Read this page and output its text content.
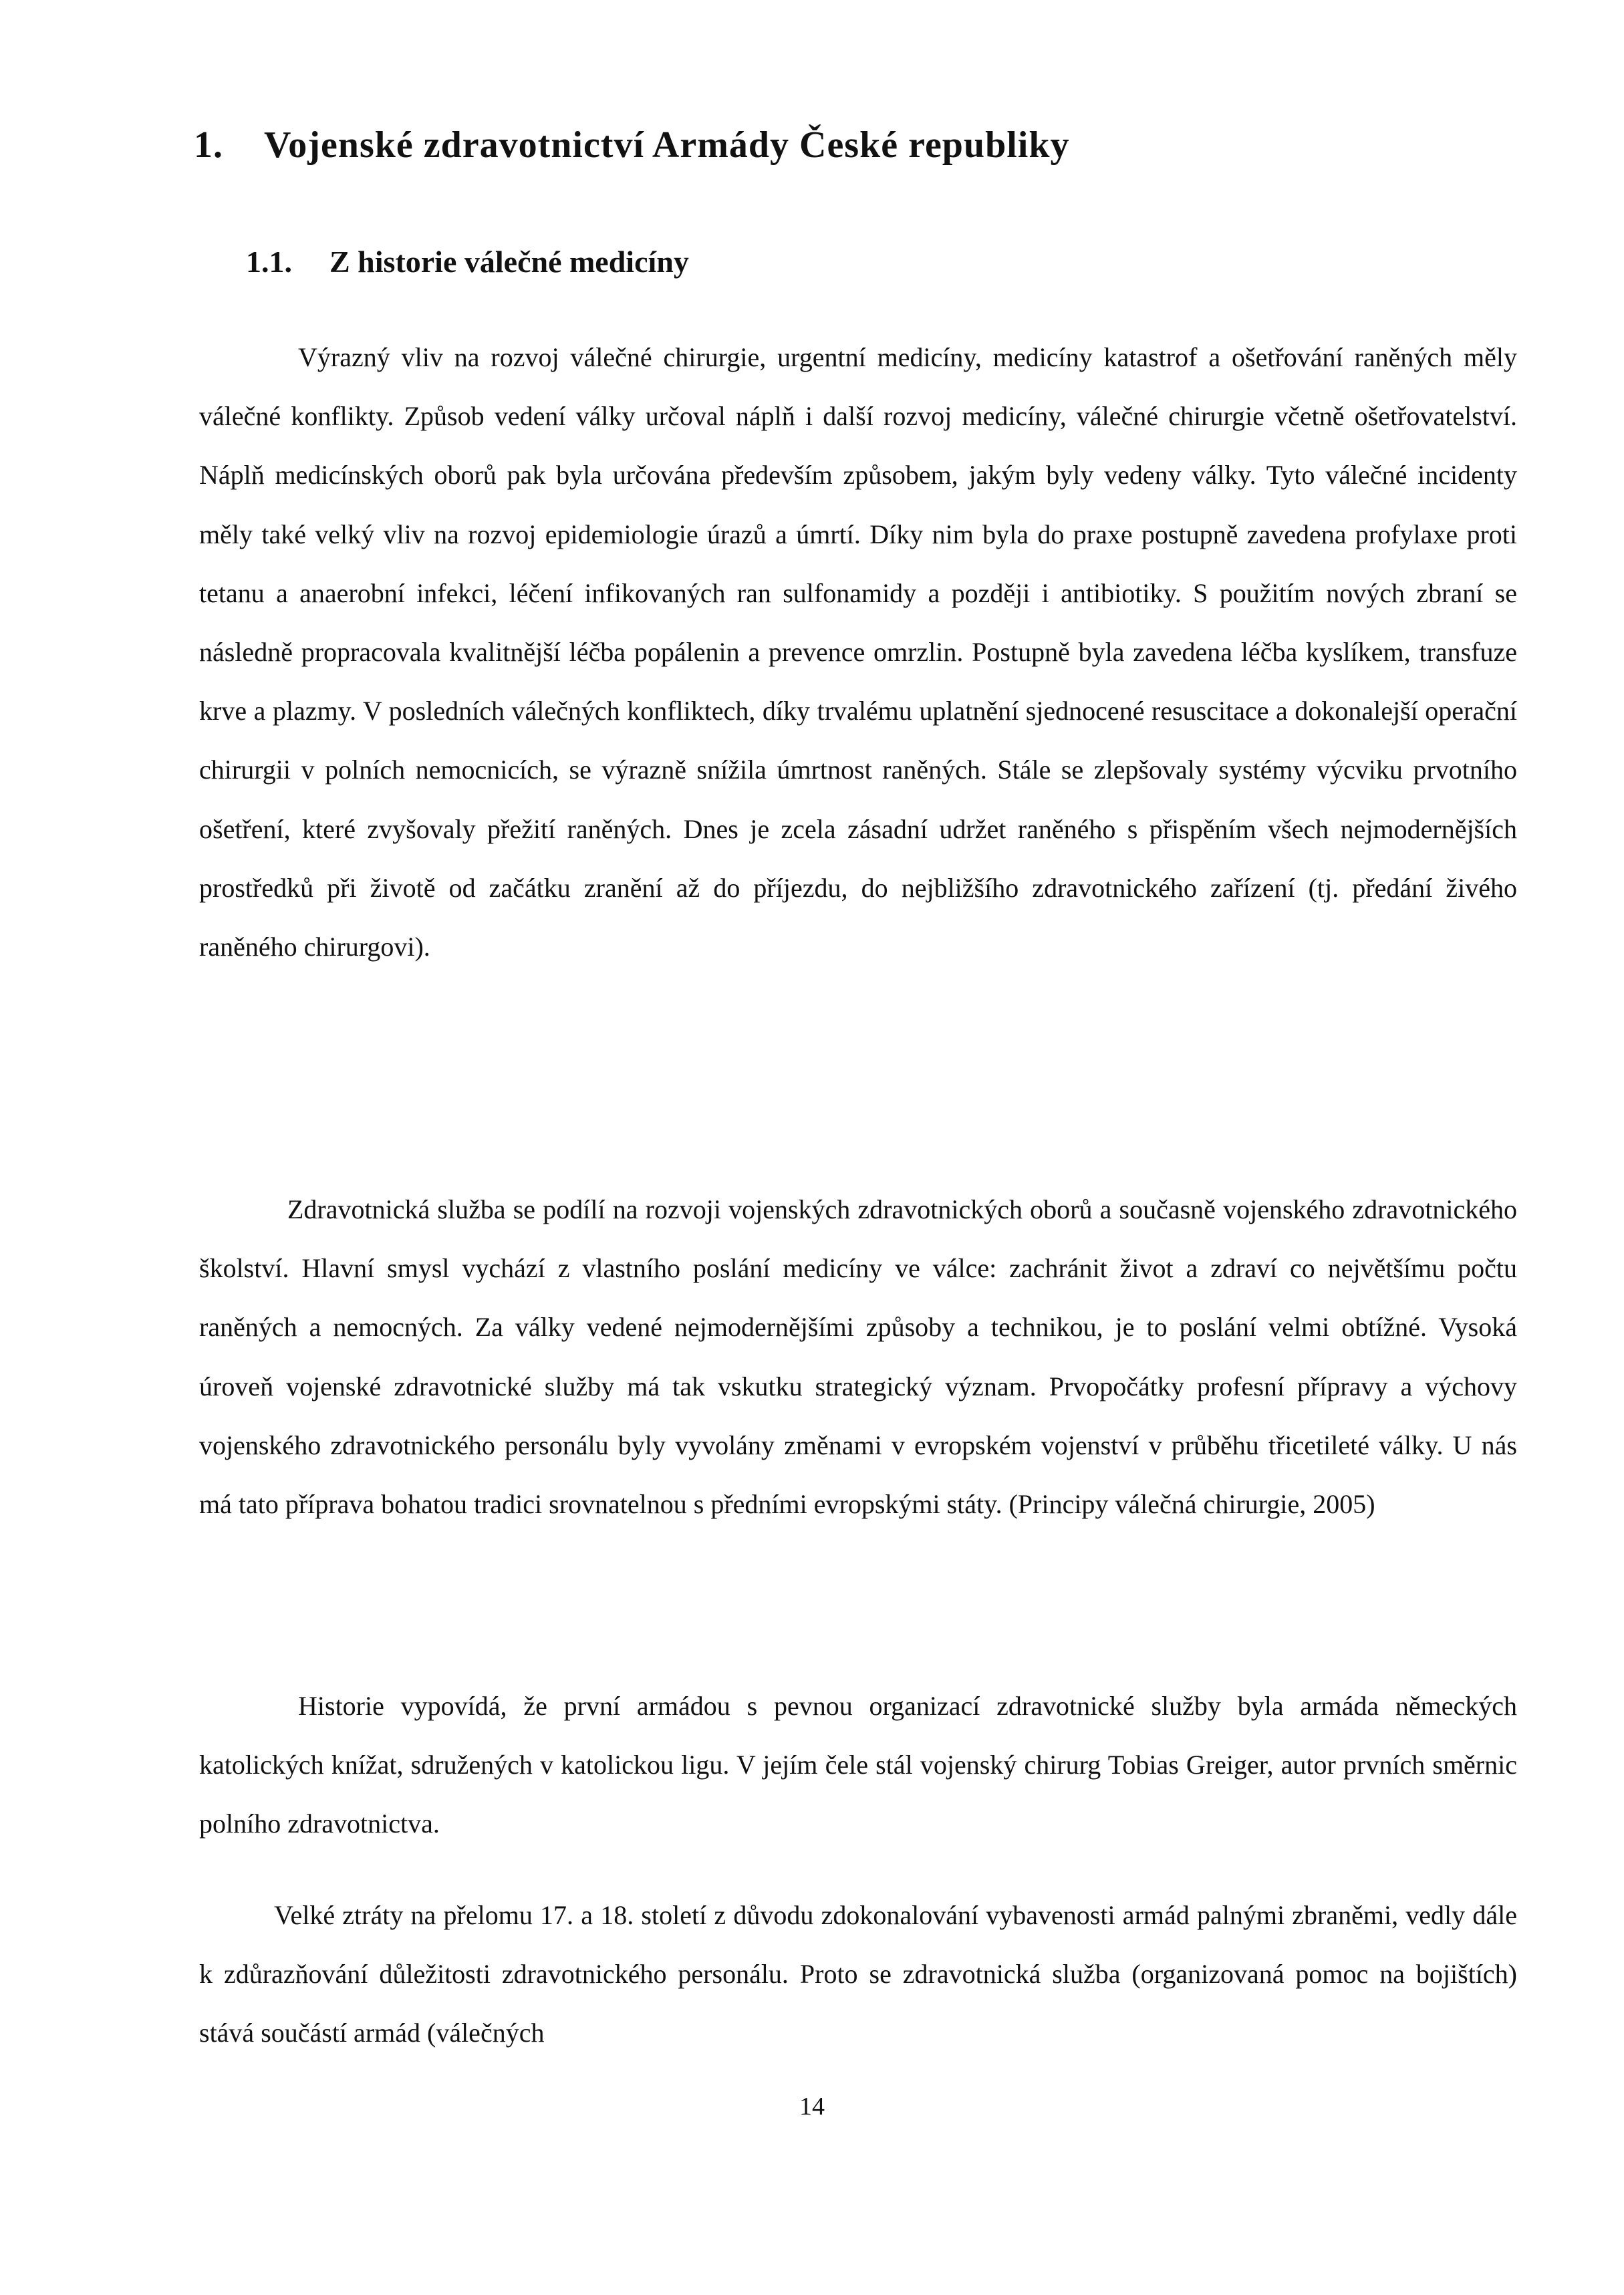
1. Vojenské zdravotnictví Armády České republiky
1.1. Z historie válečné medicíny

Výrazný vliv na rozvoj válečné chirurgie, urgentní medicíny, medicíny katastrof a ošetřování raněných měly válečné konflikty. Způsob vedení války určoval náplň i další rozvoj medicíny, válečné chirurgie včetně ošetřovatelství. Náplň medicínských oborů pak byla určována především způsobem, jakým byly vedeny války. Tyto válečné incidenty měly také velký vliv na rozvoj epidemiologie úrazů a úmrtí. Díky nim byla do praxe postupně zavedena profylaxe proti tetanu a anaerobní infekci, léčení infikovaných ran sulfonamidy a později i antibiotiky. S použitím nových zbraní se následně propracovala kvalitnější léčba popálenin a prevence omrzlin. Postupně byla zavedena léčba kyslíkem, transfuze krve a plazmy. V posledních válečných konfliktech, díky trvalému uplatnění sjednocené resuscitace a dokonalejší operační chirurgii v polních nemocnicích, se výrazně snížila úmrtnost raněných. Stále se zlepšovaly systémy výcviku prvotního ošetření, které zvyšovaly přežití raněných. Dnes je zcela zásadní udržet raněného s přispěním všech nejmodernějších prostředků při životě od začátku zranění až do příjezdu, do nejbližšího zdravotnického zařízení (tj. předání živého raněného chirurgovi).

Zdravotnická služba se podílí na rozvoji vojenských zdravotnických oborů a současně vojenského zdravotnického školství. Hlavní smysl vychází z vlastního poslání medicíny ve válce: zachránit život a zdraví co největšímu počtu raněných a nemocných. Za války vedené nejmodernějšími způsoby a technikou, je to poslání velmi obtížné. Vysoká úroveň vojenské zdravotnické služby má tak vskutku strategický význam. Prvopočátky profesní přípravy a výchovy vojenského zdravotnického personálu byly vyvolány změnami v evropském vojenství v průběhu třicetileté války. U nás má tato příprava bohatou tradici srovnatelnou s předními evropskými státy. (Principy válečná chirurgie, 2005)

Historie vypovídá, že první armádou s pevnou organizací zdravotnické služby byla armáda německých katolických knížat, sdružených v katolickou ligu. V jejím čele stál vojenský chirurg Tobias Greiger, autor prvních směrnic polního zdravotnictva.

Velké ztráty na přelomu 17. a 18. století z důvodu zdokonalování vybavenosti armád palnými zbraněmi, vedly dále k zdůrazňování důležitosti zdravotnického personálu. Proto se zdravotnická služba (organizovaná pomoc na bojištích) stává součástí armád (válečných

14
